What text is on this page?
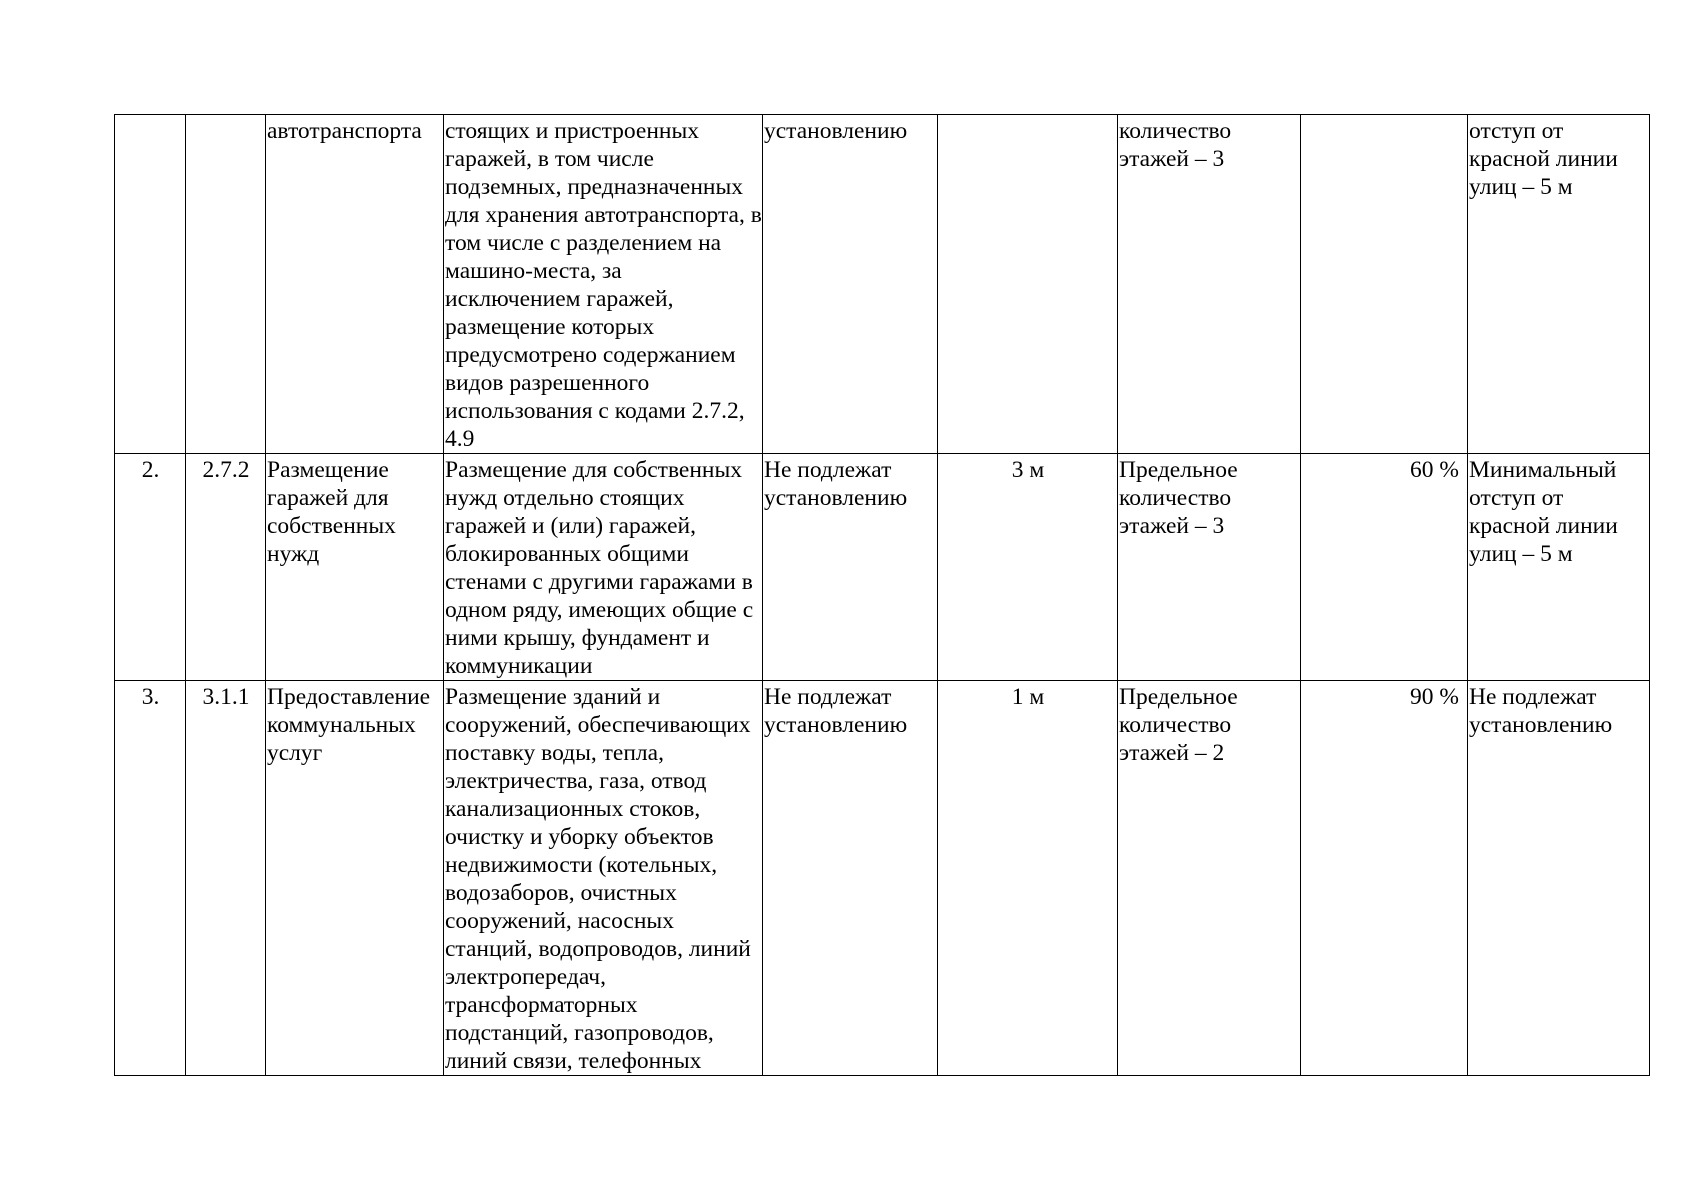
		автотранспорта	стоящих и пристроенных гаражей, в том числе подземных, предназначенных для хранения автотранспорта, в том числе с разделением на машино-места, за исключением гаражей, размещение которых предусмотрено содержанием видов разрешенного использования с кодами 2.7.2, 4.9	установлению		количество этажей – 3		отступ от красной линии улиц – 5 м
2.	2.7.2	Размещение гаражей для собственных нужд	Размещение для собственных нужд отдельно стоящих гаражей и (или) гаражей, блокированных общими стенами с другими гаражами в одном ряду, имеющих общие с ними крышу, фундамент и коммуникации	Не подлежат установлению	3 м	Предельное количество этажей – 3	60 %	Минимальный отступ от красной линии улиц – 5 м
3.	3.1.1	Предоставление коммунальных услуг	Размещение зданий и сооружений, обеспечивающих поставку воды, тепла, электричества, газа, отвод канализационных стоков, очистку и уборку объектов недвижимости (котельных, водозаборов, очистных сооружений, насосных станций, водопроводов, линий электропередач, трансформаторных подстанций, газопроводов, линий связи, телефонных	Не подлежат установлению	1 м	Предельное количество этажей – 2	90 %	Не подлежат установлению
